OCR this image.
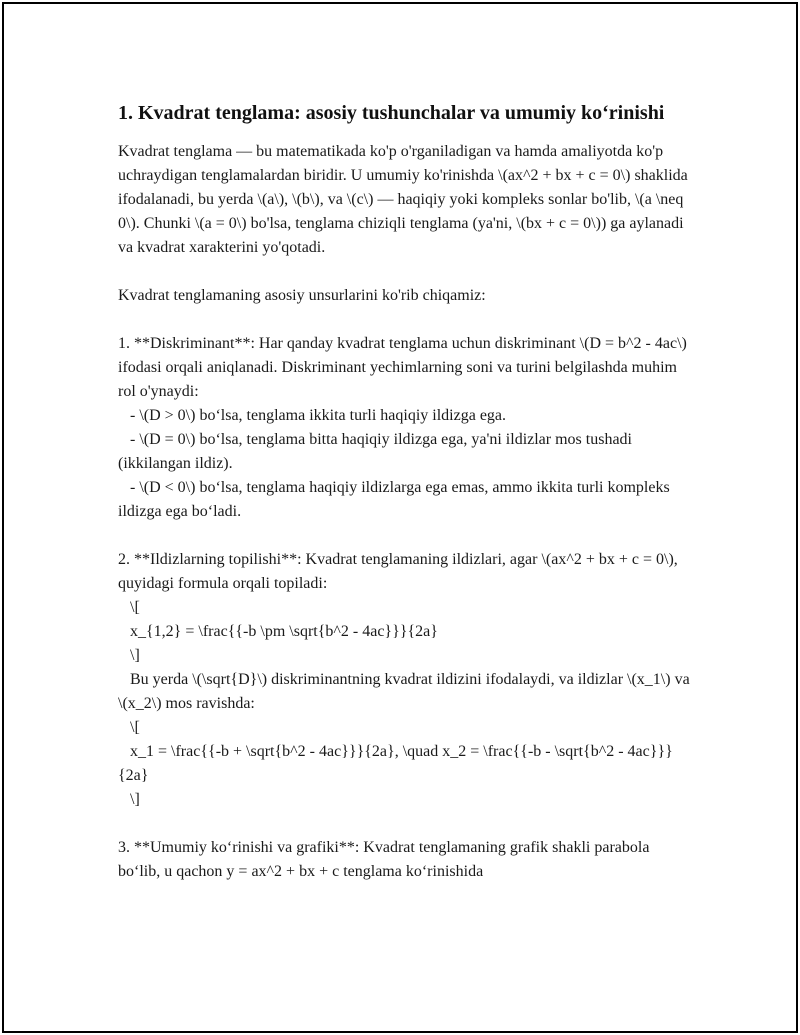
1. Kvadrat tenglama: asosiy tushunchalar va umumiy ko‘rinishi

Kvadrat tenglama — bu matematikada ko'p o'rganiladigan va hamda amaliyotda ko'p uchraydigan tenglamalardan biridir. U umumiy ko'rinishda \(ax^2 + bx + c = 0\) shaklida ifodalanadi, bu yerda \(a\), \(b\), va \(c\) — haqiqiy yoki kompleks sonlar bo'lib, \(a \neq 0\). Chunki \(a = 0\) bo'lsa, tenglama chiziqli tenglama (ya'ni, \(bx + c = 0\)) ga aylanadi va kvadrat xarakterini yo'qotadi.

Kvadrat tenglamaning asosiy unsurlarini ko'rib chiqamiz:

1. **Diskriminant**: Har qanday kvadrat tenglama uchun diskriminant \(D = b^2 - 4ac\) ifodasi orqali aniqlanadi. Diskriminant yechimlarning soni va turini belgilashda muhim rol o'ynaydi:
- \(D > 0\) bo‘lsa, tenglama ikkita turli haqiqiy ildizga ega.
- \(D = 0\) bo‘lsa, tenglama bitta haqiqiy ildizga ega, ya'ni ildizlar mos tushadi (ikkilangan ildiz).
- \(D < 0\) bo‘lsa, tenglama haqiqiy ildizlarga ega emas, ammo ikkita turli kompleks ildizga ega bo‘ladi.

2. **Ildizlarning topilishi**: Kvadrat tenglamaning ildizlari, agar \(ax^2 + bx + c = 0\), quyidagi formula orqali topiladi:
\[
x_{1,2} = \frac{{-b \pm \sqrt{b^2 - 4ac}}}{2a}
\]
Bu yerda \(\sqrt{D}\) diskriminantning kvadrat ildizini ifodalaydi, va ildizlar \(x_1\) va \(x_2\) mos ravishda:
\[
x_1 = \frac{{-b + \sqrt{b^2 - 4ac}}}{2a}, \quad x_2 = \frac{{-b - \sqrt{b^2 - 4ac}}}{2a}
\]

3. **Umumiy ko‘rinishi va grafiki**: Kvadrat tenglamaning grafik shakli parabola bo‘lib, u qachon y = ax^2 + bx + c tenglama ko‘rinishida
